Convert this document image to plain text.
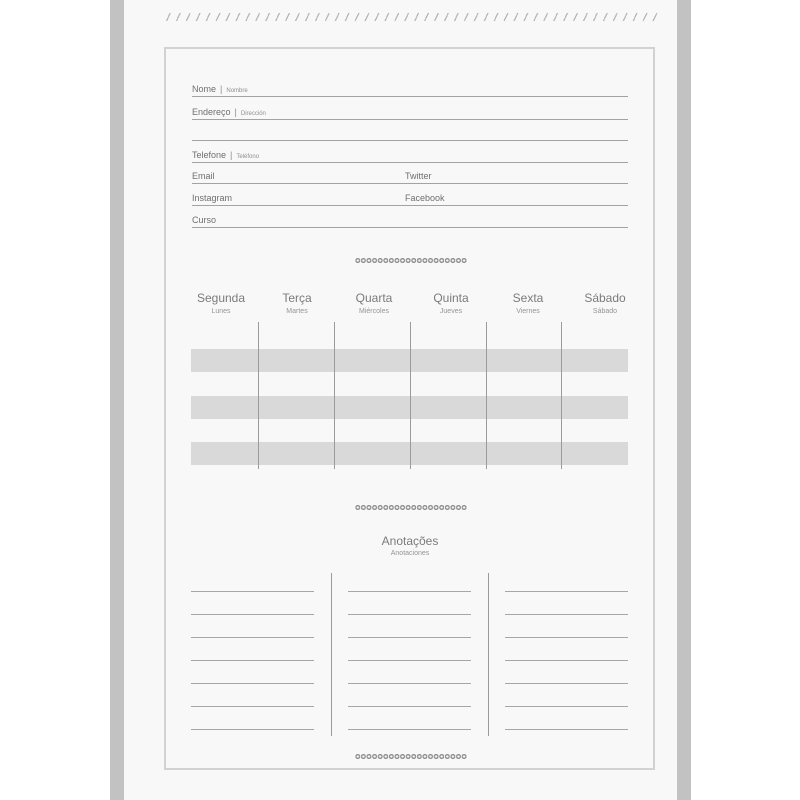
Nome | Nombre
Endereço | Dirección
Telefone | Teléfono
Email	Twitter
Instagram	Facebook
Curso
Segunda
Lunes
Terça
Martes
Quarta
Miércoles
Quinta
Jueves
Sexta
Viernes
Sábado
Sábado
Anotações
Anotaciones
